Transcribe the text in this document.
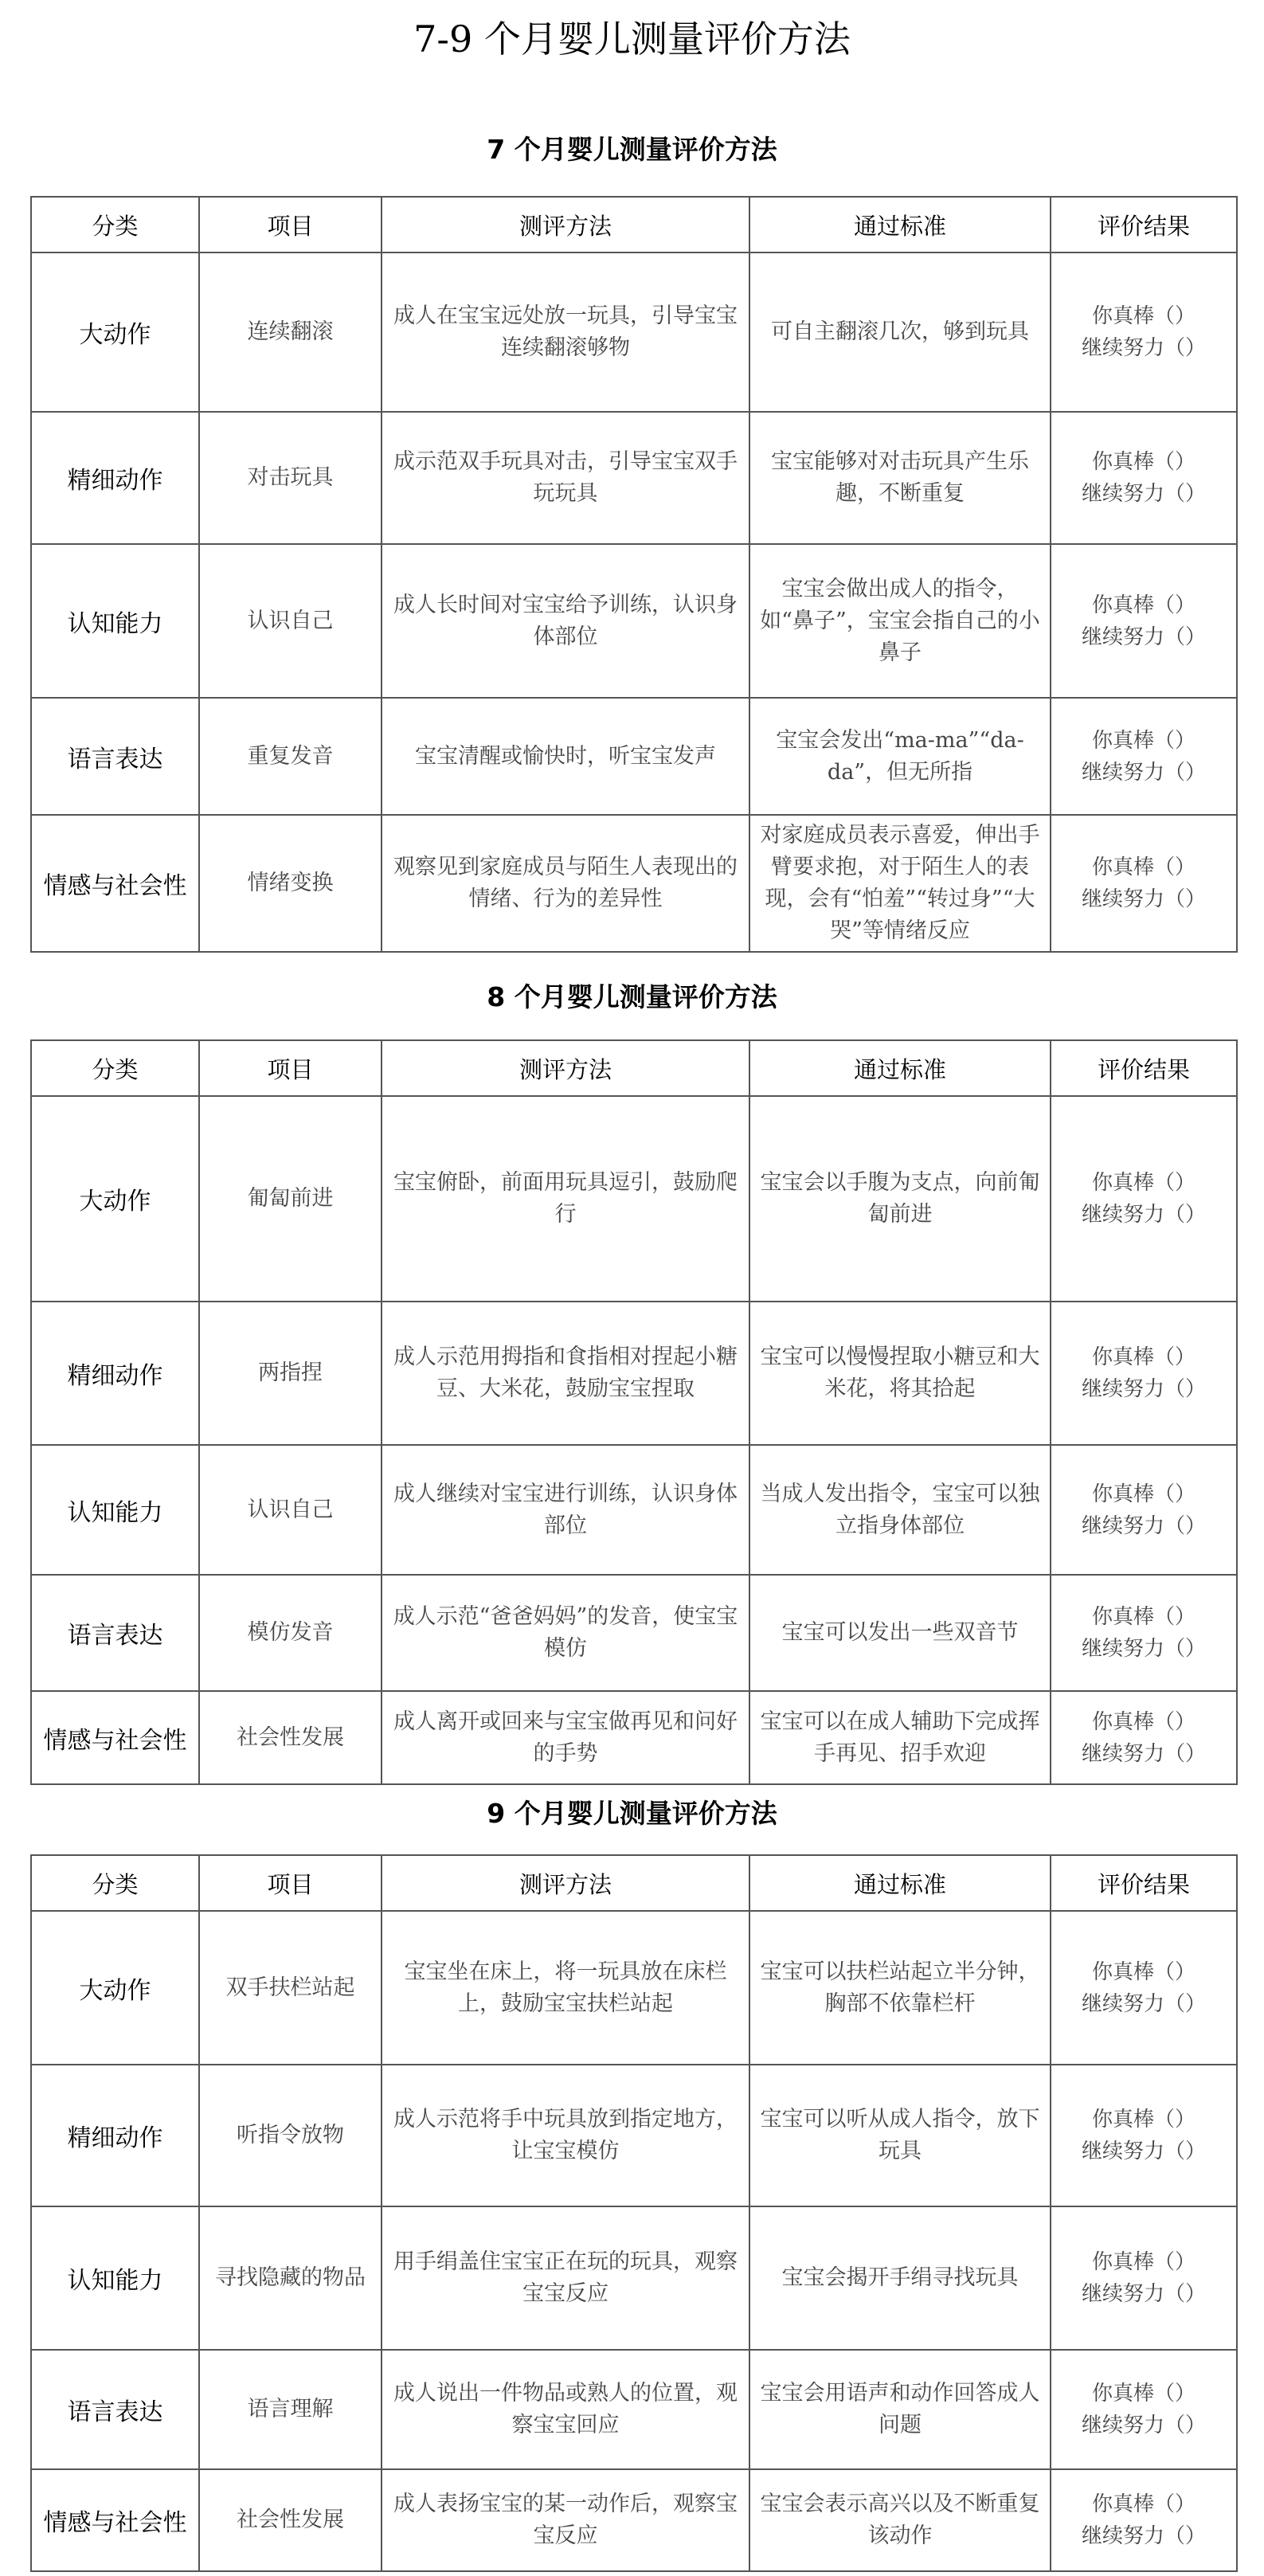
7-9 个月婴儿测量评价方法
7 个月婴儿测量评价方法
分类	项目	测评方法	通过标准	评价结果
大动作	连续翻滚	成人在宝宝远处放一玩具，引导宝宝连续翻滚够物	可自主翻滚几次，够到玩具	你真棒（）
继续努力（）

精细动作	对击玩具	成示范双手玩具对击，引导宝宝双手玩玩具	宝宝能够对对击玩具产生乐趣，不断重复	你真棒（）
继续努力（）

认知能力	认识自己	成人长时间对宝宝给予训练，认识身体部位	宝宝会做出成人的指令，如“鼻子”，宝宝会指自己的小鼻子	你真棒（）
继续努力（）

语言表达	重复发音	宝宝清醒或愉快时，听宝宝发声	宝宝会发出“ma-ma”“da-da”，但无所指	你真棒（）
继续努力（）

情感与社会性	情绪变换	观察见到家庭成员与陌生人表现出的情绪、行为的差异性	对家庭成员表示喜爱，伸出手臂要求抱，对于陌生人的表现，会有“怕羞”“转过身”“大哭”等情绪反应	你真棒（）
继续努力（）
8 个月婴儿测量评价方法
分类	项目	测评方法	通过标准	评价结果
大动作	匍匐前进	宝宝俯卧，前面用玩具逗引，鼓励爬行	宝宝会以手腹为支点，向前匍匐前进	你真棒（）
继续努力（）

精细动作	两指捏	成人示范用拇指和食指相对捏起小糖豆、大米花，鼓励宝宝捏取	宝宝可以慢慢捏取小糖豆和大米花，将其拾起	你真棒（）
继续努力（）

认知能力	认识自己	成人继续对宝宝进行训练，认识身体部位	当成人发出指令，宝宝可以独立指身体部位	你真棒（）
继续努力（）

语言表达	模仿发音	成人示范“爸爸妈妈”的发音，使宝宝模仿	宝宝可以发出一些双音节	你真棒（）
继续努力（）

情感与社会性	社会性发展	成人离开或回来与宝宝做再见和问好的手势	宝宝可以在成人辅助下完成挥手再见、招手欢迎	你真棒（）
继续努力（）
9 个月婴儿测量评价方法
分类	项目	测评方法	通过标准	评价结果
大动作	双手扶栏站起	宝宝坐在床上，将一玩具放在床栏上，鼓励宝宝扶栏站起	宝宝可以扶栏站起立半分钟，胸部不依靠栏杆	你真棒（）
继续努力（）

精细动作	听指令放物	成人示范将手中玩具放到指定地方，让宝宝模仿	宝宝可以听从成人指令，放下玩具	你真棒（）
继续努力（）

认知能力	寻找隐藏的物品	用手绢盖住宝宝正在玩的玩具，观察宝宝反应	宝宝会揭开手绢寻找玩具	你真棒（）
继续努力（）

语言表达	语言理解	成人说出一件物品或熟人的位置，观察宝宝回应	宝宝会用语声和动作回答成人问题	你真棒（）
继续努力（）

情感与社会性	社会性发展	成人表扬宝宝的某一动作后，观察宝宝反应	宝宝会表示高兴以及不断重复该动作	你真棒（）
继续努力（）
